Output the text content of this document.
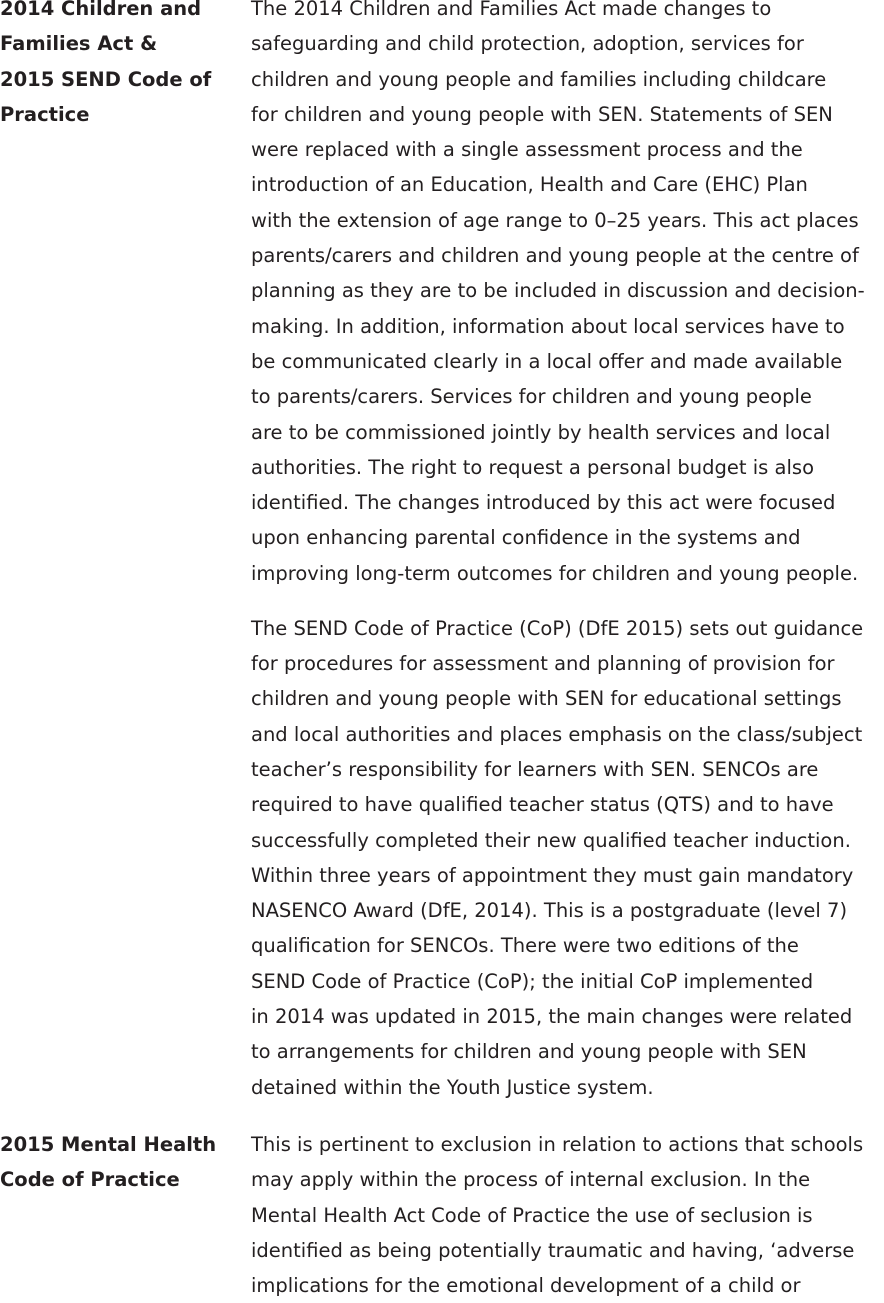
2014 Children and
Families Act &
2015 SEND Code of
Practice
The 2014 Children and Families Act made changes to
safeguarding and child protection, adoption, services for
children and young people and families including childcare
for children and young people with SEN. Statements of SEN
were replaced with a single assessment process and the
introduction of an Education, Health and Care (EHC) Plan
with the extension of age range to 0–25 years. This act places
parents/carers and children and young people at the centre of
planning as they are to be included in discussion and decision-
making. In addition, information about local services have to
be communicated clearly in a local offer and made available
to parents/carers. Services for children and young people
are to be commissioned jointly by health services and local
authorities. The right to request a personal budget is also
identified. The changes introduced by this act were focused
upon enhancing parental confidence in the systems and
improving long-term outcomes for children and young people.
The SEND Code of Practice (CoP) (DfE 2015) sets out guidance
for procedures for assessment and planning of provision for
children and young people with SEN for educational settings
and local authorities and places emphasis on the class/subject
teacher’s responsibility for learners with SEN. SENCOs are
required to have qualified teacher status (QTS) and to have
successfully completed their new qualified teacher induction.
Within three years of appointment they must gain mandatory
NASENCO Award (DfE, 2014). This is a postgraduate (level 7)
qualification for SENCOs. There were two editions of the
SEND Code of Practice (CoP); the initial CoP implemented
in 2014 was updated in 2015, the main changes were related
to arrangements for children and young people with SEN
detained within the Youth Justice system.
2015 Mental Health
Code of Practice
This is pertinent to exclusion in relation to actions that schools
may apply within the process of internal exclusion. In the
Mental Health Act Code of Practice the use of seclusion is
identified as being potentially traumatic and having, ‘adverse
implications for the emotional development of a child or
